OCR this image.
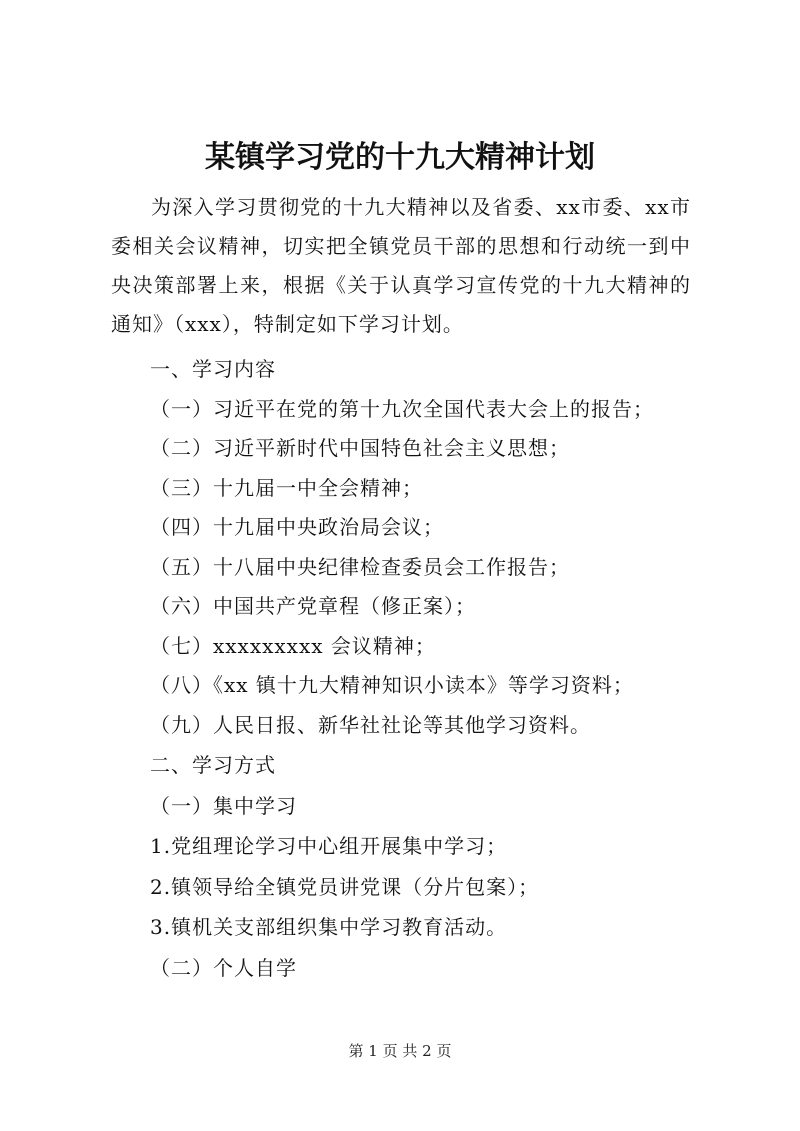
某镇学习党的十九大精神计划

为深入学习贯彻党的十九大精神以及省委、xx市委、xx市委相关会议精神，切实把全镇党员干部的思想和行动统一到中央决策部署上来，根据《关于认真学习宣传党的十九大精神的通知》（xxx），特制定如下学习计划。

一、学习内容

（一）习近平在党的第十九次全国代表大会上的报告；

（二）习近平新时代中国特色社会主义思想；

（三）十九届一中全会精神；

（四）十九届中央政治局会议；

（五）十八届中央纪律检查委员会工作报告；

（六）中国共产党章程（修正案）；

（七）xxxxxxxxx 会议精神；

（八）《xx 镇十九大精神知识小读本》等学习资料；

（九）人民日报、新华社社论等其他学习资料。

二、学习方式

（一）集中学习

1.党组理论学习中心组开展集中学习；

2.镇领导给全镇党员讲党课（分片包案）；

3.镇机关支部组织集中学习教育活动。

（二）个人自学

第 1 页 共 2 页
